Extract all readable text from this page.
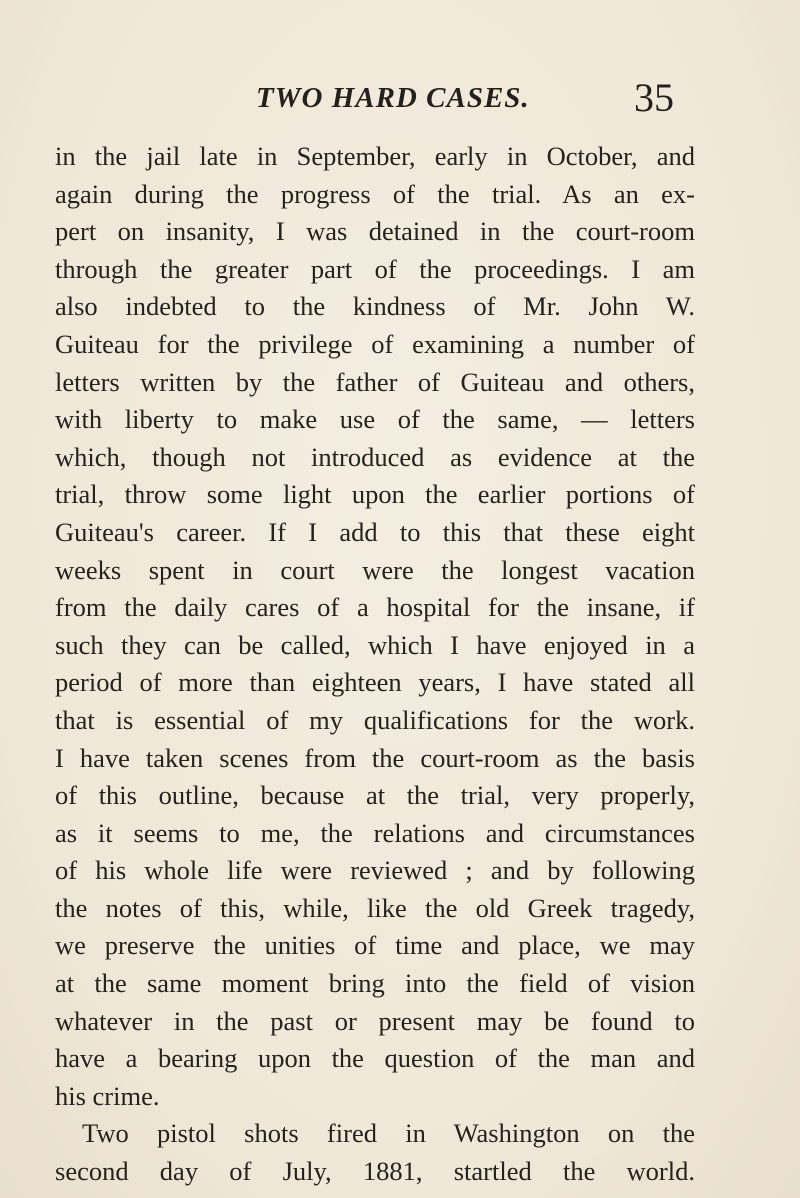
TWO HARD CASES.	35
in the jail late in September, early in October, and
again during the progress of the trial. As an ex-
pert on insanity, I was detained in the court-room
through the greater part of the proceedings. I am
also indebted to the kindness of Mr. John W.
Guiteau for the privilege of examining a number of
letters written by the father of Guiteau and others,
with liberty to make use of the same, — letters
which, though not introduced as evidence at the
trial, throw some light upon the earlier portions of
Guiteau's career. If I add to this that these eight
weeks spent in court were the longest vacation
from the daily cares of a hospital for the insane, if
such they can be called, which I have enjoyed in a
period of more than eighteen years, I have stated all
that is essential of my qualifications for the work.
I have taken scenes from the court-room as the basis
of this outline, because at the trial, very properly,
as it seems to me, the relations and circumstances
of his whole life were reviewed ; and by following
the notes of this, while, like the old Greek tragedy,
we preserve the unities of time and place, we may
at the same moment bring into the field of vision
whatever in the past or present may be found to
have a bearing upon the question of the man and
his crime.
Two pistol shots fired in Washington on the
second day of July, 1881, startled the world.
